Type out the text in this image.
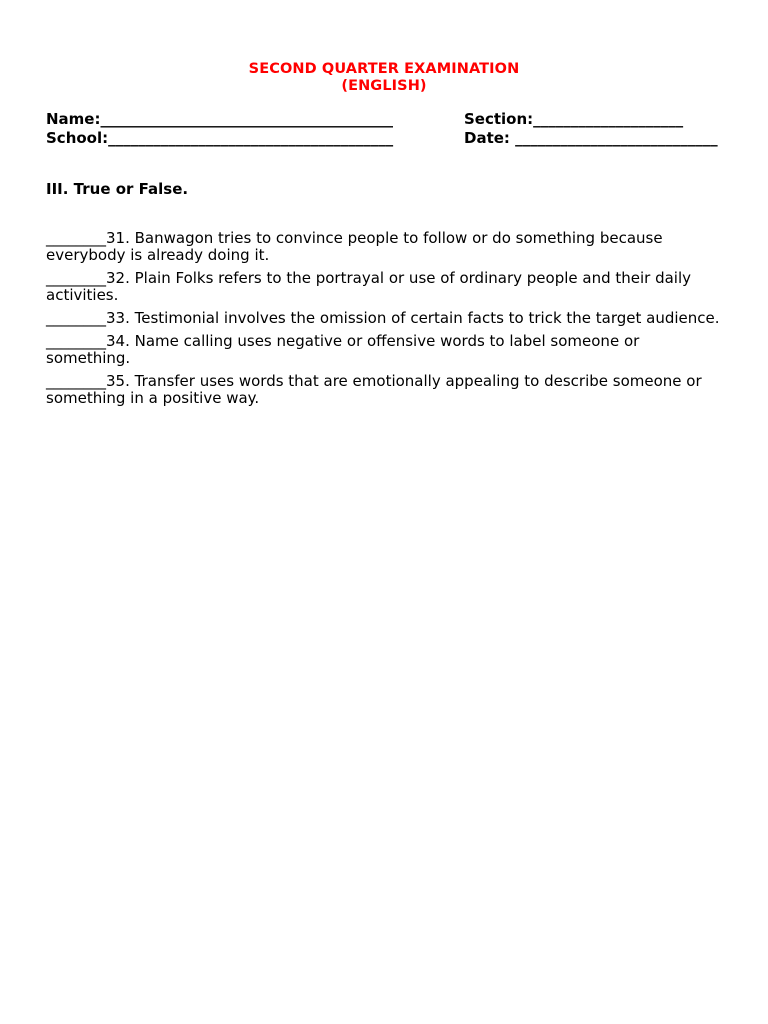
SECOND QUARTER EXAMINATION
(ENGLISH)
Name:_______________________________________
School:______________________________________
Section:____________________
Date: ___________________________
III. True or False.
________31. Banwagon tries to convince people to follow or do something because everybody is already doing it.
________32. Plain Folks refers to the portrayal or use of ordinary people and their daily activities.
________33. Testimonial involves the omission of certain facts to trick the target audience.
________34. Name calling uses negative or offensive words to label someone or something.
________35. Transfer uses words that are emotionally appealing to describe someone or something in a positive way.
